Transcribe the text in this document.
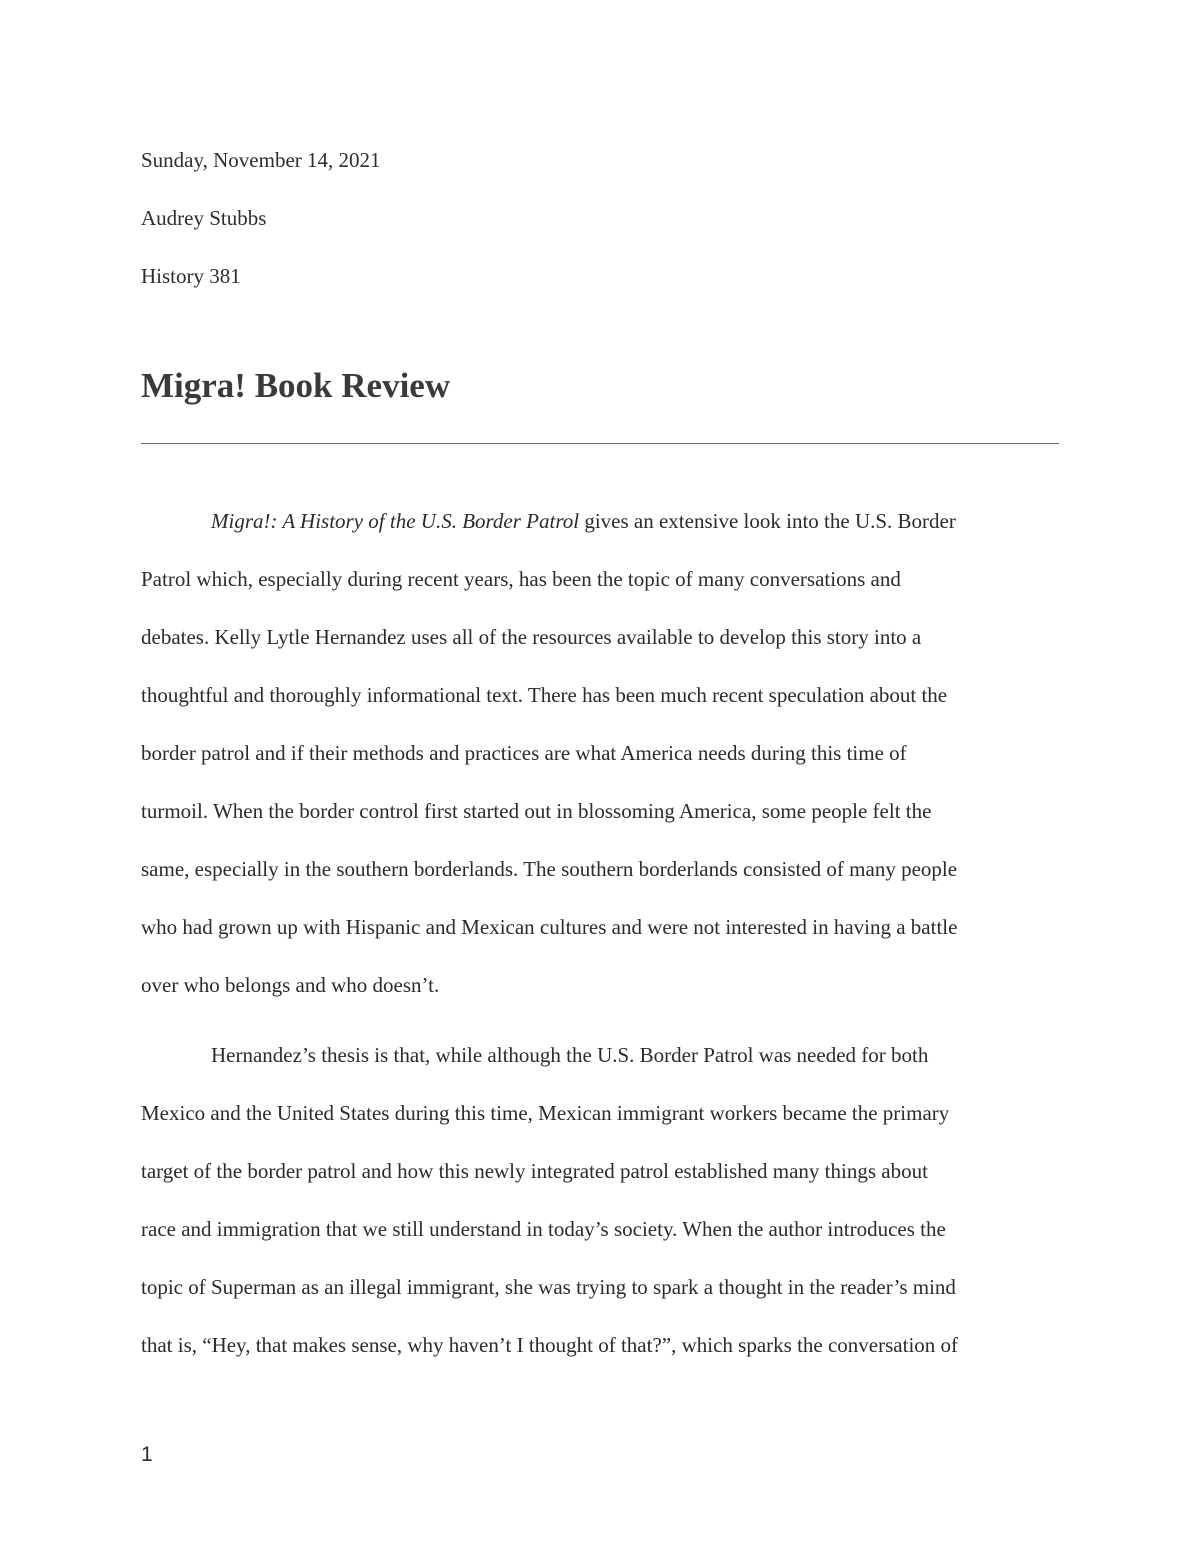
Sunday, November 14, 2021
Audrey Stubbs
History 381
Migra! Book Review
Migra!: A History of the U.S. Border Patrol gives an extensive look into the U.S. Border
Patrol which, especially during recent years, has been the topic of many conversations and
debates. Kelly Lytle Hernandez uses all of the resources available to develop this story into a
thoughtful and thoroughly informational text. There has been much recent speculation about the
border patrol and if their methods and practices are what America needs during this time of
turmoil. When the border control first started out in blossoming America, some people felt the
same, especially in the southern borderlands. The southern borderlands consisted of many people
who had grown up with Hispanic and Mexican cultures and were not interested in having a battle
over who belongs and who doesn’t.
Hernandez’s thesis is that, while although the U.S. Border Patrol was needed for both
Mexico and the United States during this time, Mexican immigrant workers became the primary
target of the border patrol and how this newly integrated patrol established many things about
race and immigration that we still understand in today’s society. When the author introduces the
topic of Superman as an illegal immigrant, she was trying to spark a thought in the reader’s mind
that is, “Hey, that makes sense, why haven’t I thought of that?”, which sparks the conversation of
1
